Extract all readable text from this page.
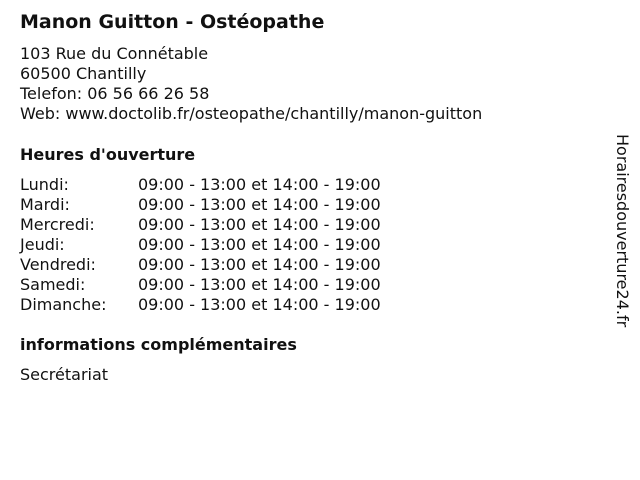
Manon Guitton - Ostéopathe
103 Rue du Connétable
60500 Chantilly
Telefon: 06 56 66 26 58
Web: www.doctolib.fr/osteopathe/chantilly/manon-guitton
Heures d'ouverture
Lundi:	09:00 - 13:00 et 14:00 - 19:00
Mardi:	09:00 - 13:00 et 14:00 - 19:00
Mercredi:	09:00 - 13:00 et 14:00 - 19:00
Jeudi:	09:00 - 13:00 et 14:00 - 19:00
Vendredi:	09:00 - 13:00 et 14:00 - 19:00
Samedi:	09:00 - 13:00 et 14:00 - 19:00
Dimanche:	09:00 - 13:00 et 14:00 - 19:00
informations complémentaires
Secrétariat
Horairesdouverture24.fr
